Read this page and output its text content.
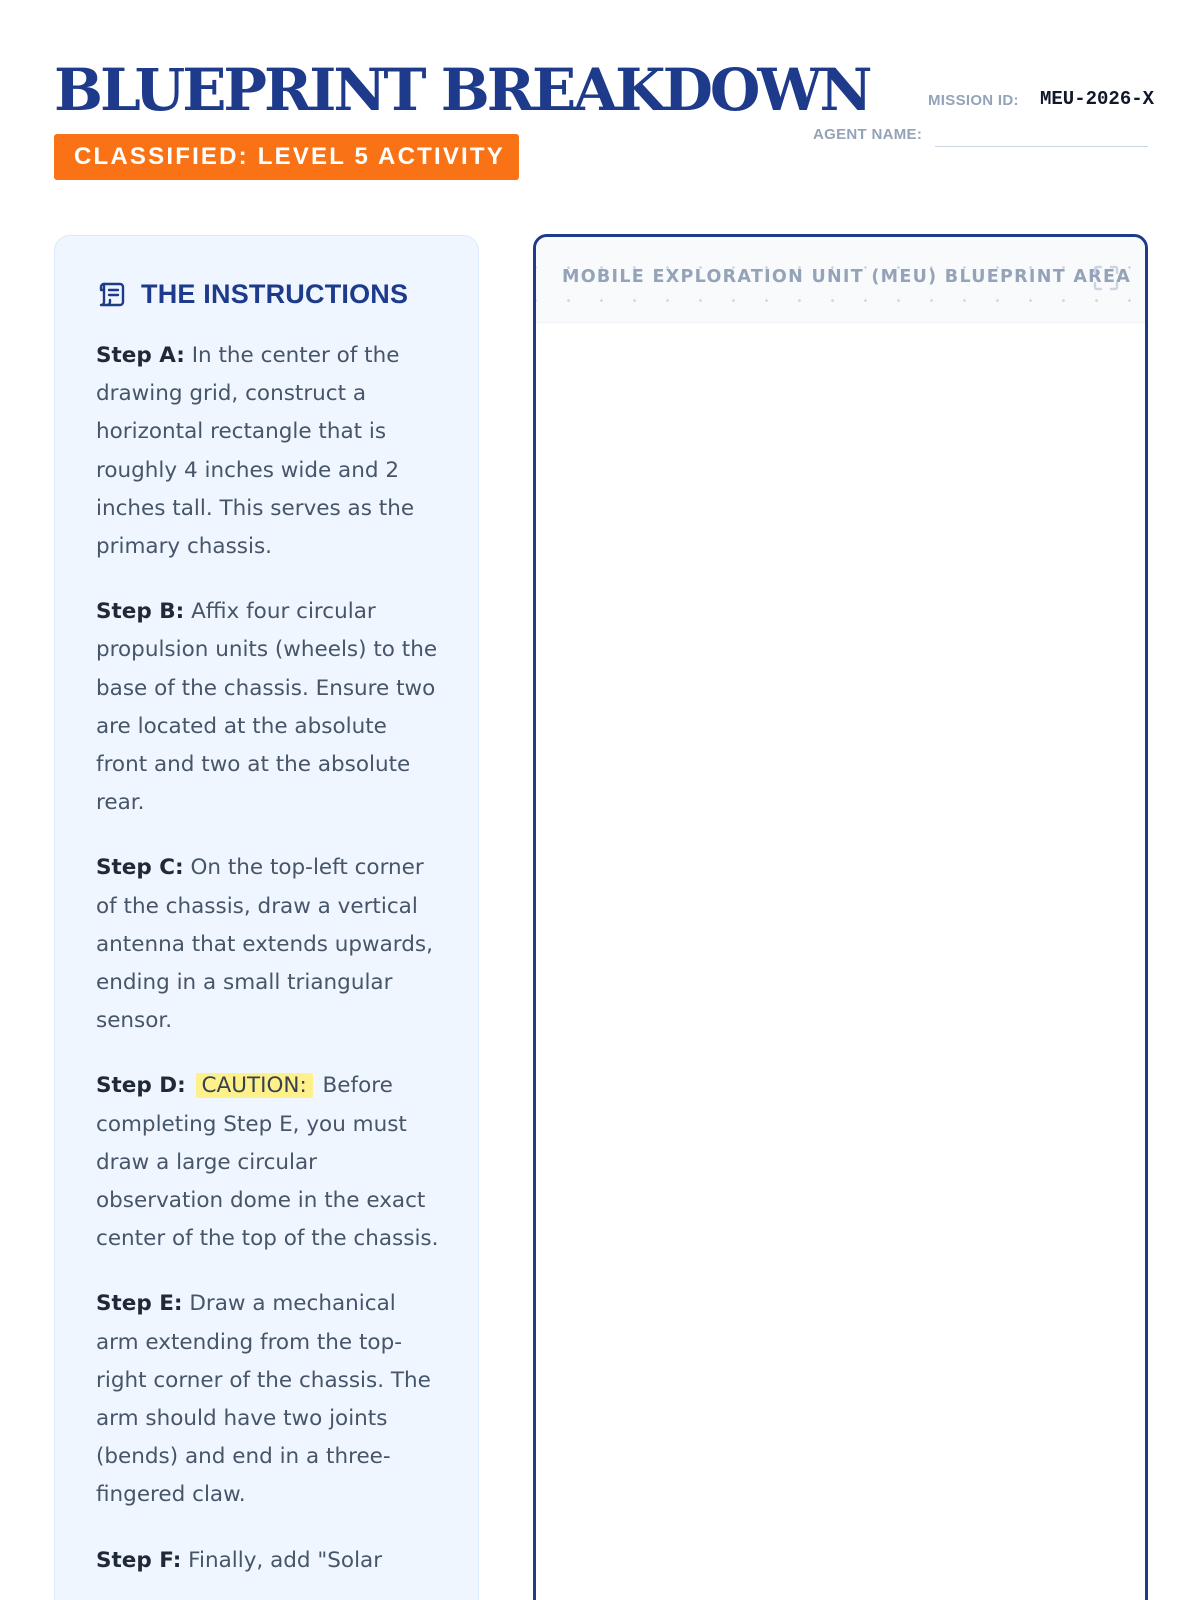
BLUEPRINT BREAKDOWN
CLASSIFIED: LEVEL 5 ACTIVITY
MISSION ID: MEU-2026-X
AGENT NAME:
THE INSTRUCTIONS

Step A: In the center of the drawing grid, construct a horizontal rectangle that is roughly 4 inches wide and 2 inches tall. This serves as the primary chassis.

Step B: Affix four circular propulsion units (wheels) to the base of the chassis. Ensure two are located at the absolute front and two at the absolute rear.

Step C: On the top-left corner of the chassis, draw a vertical antenna that extends upwards, ending in a small triangular sensor.

Step D: CAUTION: Before completing Step E, you must draw a large circular observation dome in the exact center of the top of the chassis.

Step E: Draw a mechanical arm extending from the top-right corner of the chassis. The arm should have two joints (bends) and end in a three-fingered claw.

Step F: Finally, add "Solar

MOBILE EXPLORATION UNIT (MEU) BLUEPRINT AREA
